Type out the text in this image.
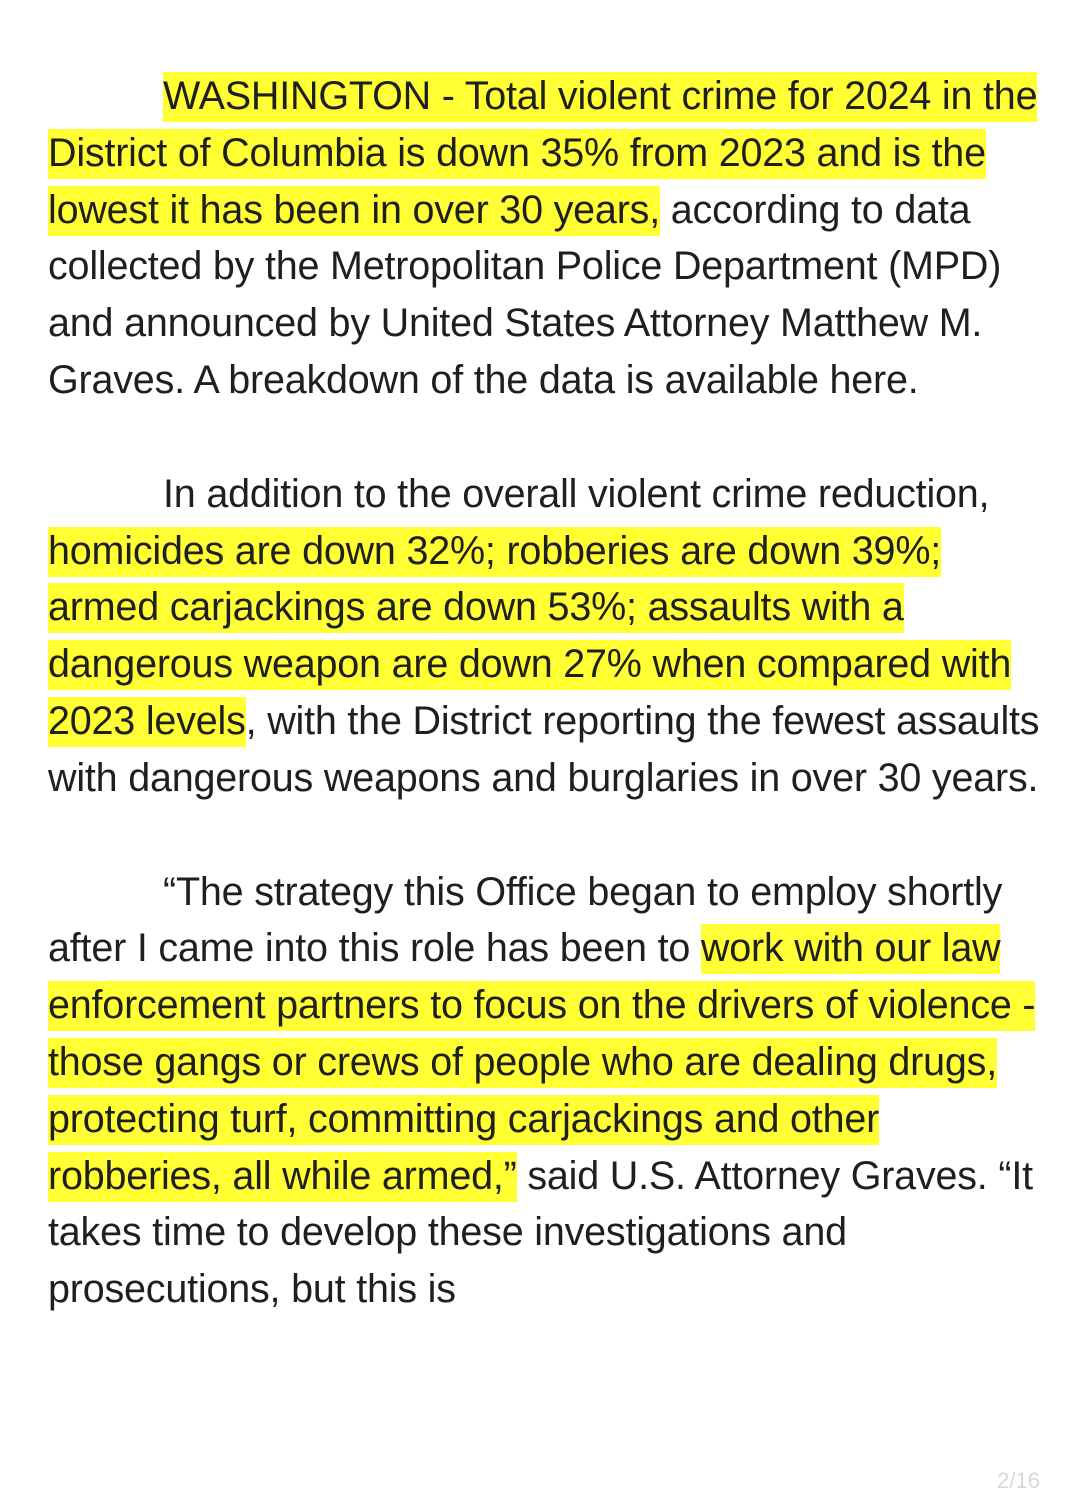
WASHINGTON - Total violent crime for 2024 in the District of Columbia is down 35% from 2023 and is the lowest it has been in over 30 years, according to data collected by the Metropolitan Police Department (MPD) and announced by United States Attorney Matthew M. Graves. A breakdown of the data is available here.

In addition to the overall violent crime reduction, homicides are down 32%; robberies are down 39%; armed carjackings are down 53%; assaults with a dangerous weapon are down 27% when compared with 2023 levels, with the District reporting the fewest assaults with dangerous weapons and burglaries in over 30 years.

“The strategy this Office began to employ shortly after I came into this role has been to work with our law enforcement partners to focus on the drivers of violence - those gangs or crews of people who are dealing drugs, protecting turf, committing carjackings and other robberies, all while armed,” said U.S. Attorney Graves. “It takes time to develop these investigations and prosecutions, but this is

2/16
